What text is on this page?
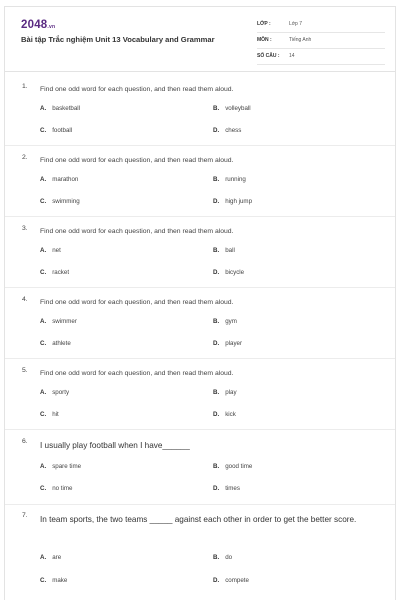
2048.vn
Bài tập Trắc nghiệm Unit 13 Vocabulary and Grammar
LỚP :	Lớp 7
MÔN :	Tiếng Anh
SỐ CÂU : 14
1. Find one odd word for each question, and then read them aloud.
A. basketball	B. volleyball
C. football	D. chess
2. Find one odd word for each question, and then read them aloud.
A. marathon	B. running
C. swimming	D. high jump
3. Find one odd word for each question, and then read them aloud.
A. net	B. ball
C. racket	D. bicycle
4. Find one odd word for each question, and then read them aloud.
A. swimmer	B. gym
C. athlete	D. player
5. Find one odd word for each question, and then read them aloud.
A. sporty	B. play
C. hit	D. kick
6. I usually play football when I have______
A. spare time	B. good time
C. no time	D. times
7. In team sports, the two teams _____ against each other in order to get the better score.
A. are	B. do
C. make	D. compete
